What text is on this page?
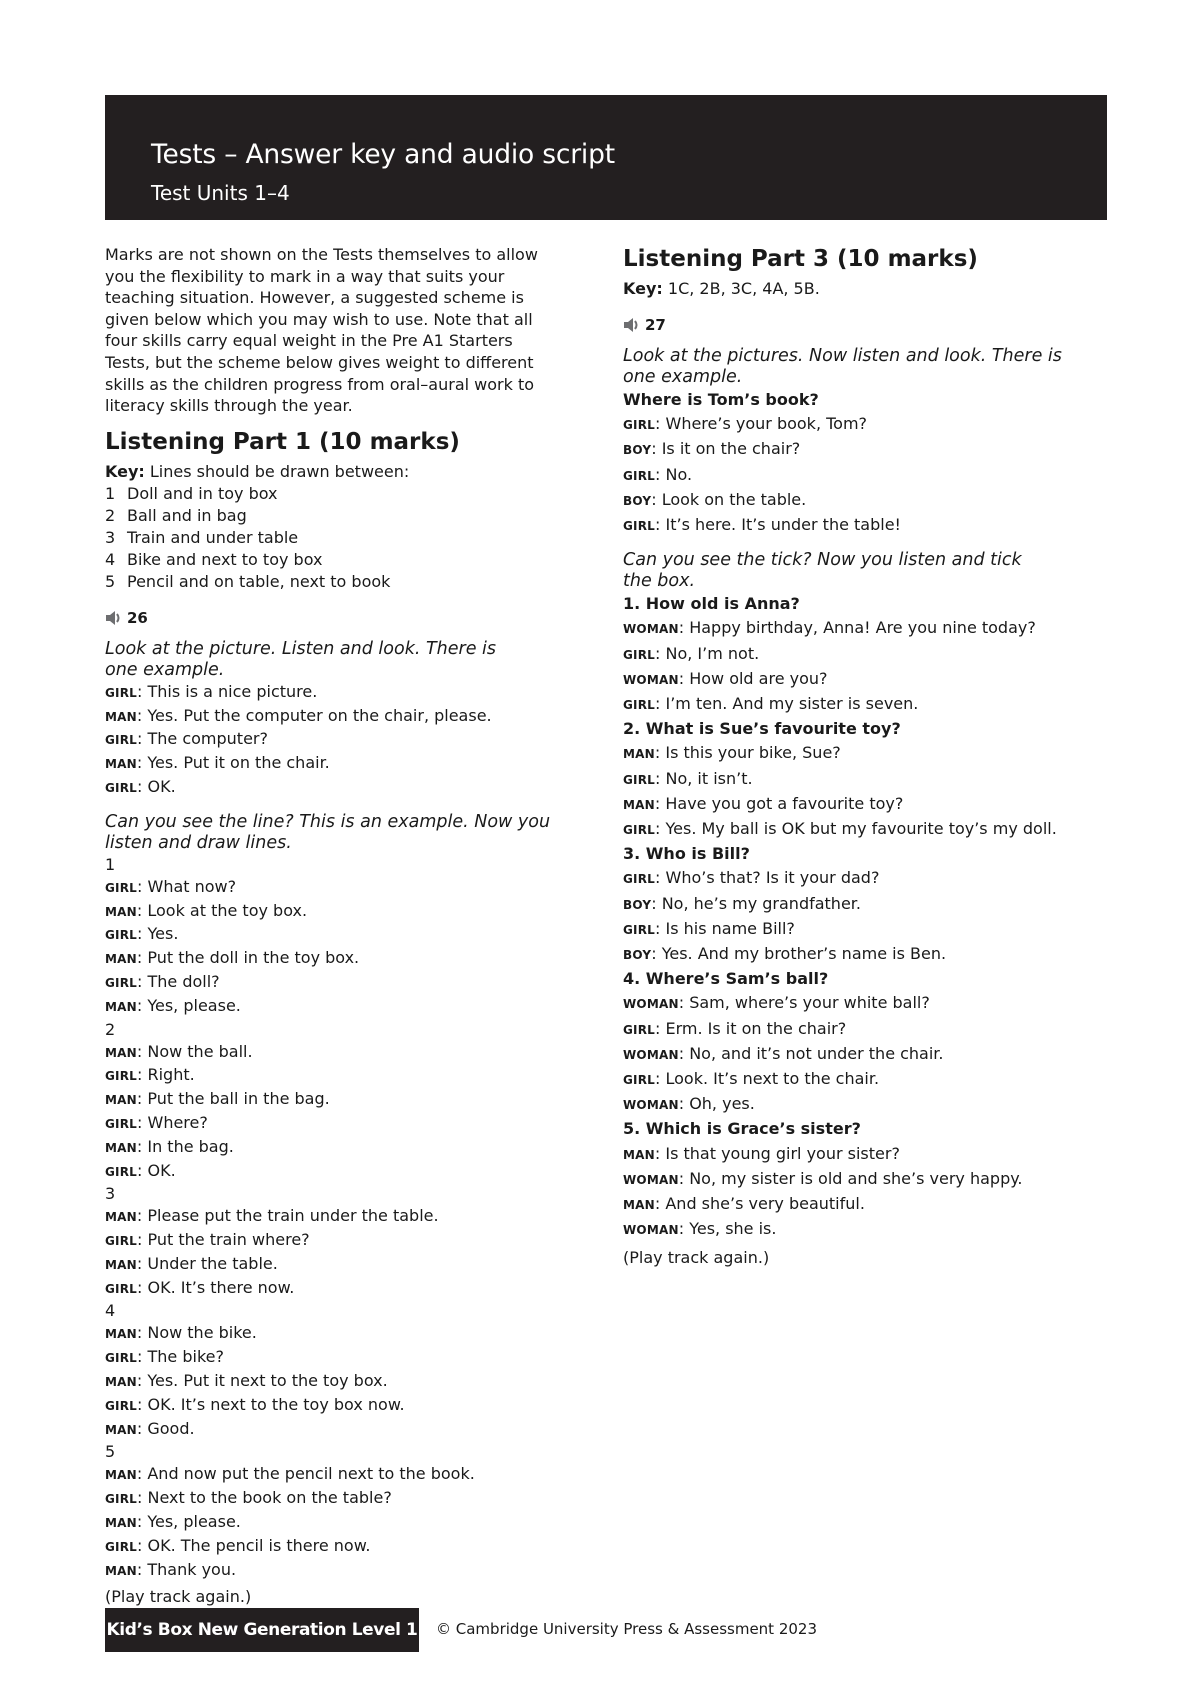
Tests – Answer key and audio script
Test Units 1–4

Marks are not shown on the Tests themselves to allow

you the flexibility to mark in a way that suits your

teaching situation. However, a suggested scheme is

given below which you may wish to use. Note that all

four skills carry equal weight in the Pre A1 Starters

Tests, but the scheme below gives weight to different

skills as the children progress from oral–aural work to

literacy skills through the year.

Listening Part 1 (10 marks)
Key: Lines should be drawn between:
1 Doll and in toy box
2 Ball and in bag
3 Train and under table
4 Bike and next to toy box
5 Pencil and on table, next to book
26
Look at the picture. Listen and look. There is
one example.
GIRL: This is a nice picture.
MAN: Yes. Put the computer on the chair, please.
GIRL: The computer?
MAN: Yes. Put it on the chair.
GIRL: OK.
Can you see the line? This is an example. Now you
listen and draw lines.
1
GIRL: What now?
MAN: Look at the toy box.
GIRL: Yes.
MAN: Put the doll in the toy box.
GIRL: The doll?
MAN: Yes, please.
2
MAN: Now the ball.
GIRL: Right.
MAN: Put the ball in the bag.
GIRL: Where?
MAN: In the bag.
GIRL: OK.
3
MAN: Please put the train under the table.
GIRL: Put the train where?
MAN: Under the table.
GIRL: OK. It’s there now.
4
MAN: Now the bike.
GIRL: The bike?
MAN: Yes. Put it next to the toy box.
GIRL: OK. It’s next to the toy box now.
MAN: Good.
5
MAN: And now put the pencil next to the book.
GIRL: Next to the book on the table?
MAN: Yes, please.
GIRL: OK. The pencil is there now.
MAN: Thank you.
(Play track again.)
Listening Part 3 (10 marks)
Key: 1C, 2B, 3C, 4A, 5B.
27
Look at the pictures. Now listen and look. There is
one example.
Where is Tom’s book?
GIRL: Where’s your book, Tom?
BOY: Is it on the chair?
GIRL: No.
BOY: Look on the table.
GIRL: It’s here. It’s under the table!
Can you see the tick? Now you listen and tick
the box.
1. How old is Anna?
WOMAN: Happy birthday, Anna! Are you nine today?
GIRL: No, I’m not.
WOMAN: How old are you?
GIRL: I’m ten. And my sister is seven.
2. What is Sue’s favourite toy?
MAN: Is this your bike, Sue?
GIRL: No, it isn’t.
MAN: Have you got a favourite toy?
GIRL: Yes. My ball is OK but my favourite toy’s my doll.
3. Who is Bill?
GIRL: Who’s that? Is it your dad?
BOY: No, he’s my grandfather.
GIRL: Is his name Bill?
BOY: Yes. And my brother’s name is Ben.
4. Where’s Sam’s ball?
WOMAN: Sam, where’s your white ball?
GIRL: Erm. Is it on the chair?
WOMAN: No, and it’s not under the chair.
GIRL: Look. It’s next to the chair.
WOMAN: Oh, yes.
5. Which is Grace’s sister?
MAN: Is that young girl your sister?
WOMAN: No, my sister is old and she’s very happy.
MAN: And she’s very beautiful.
WOMAN: Yes, she is.
(Play track again.)
Kid’s Box New Generation Level 1 © Cambridge University Press & Assessment 2023
